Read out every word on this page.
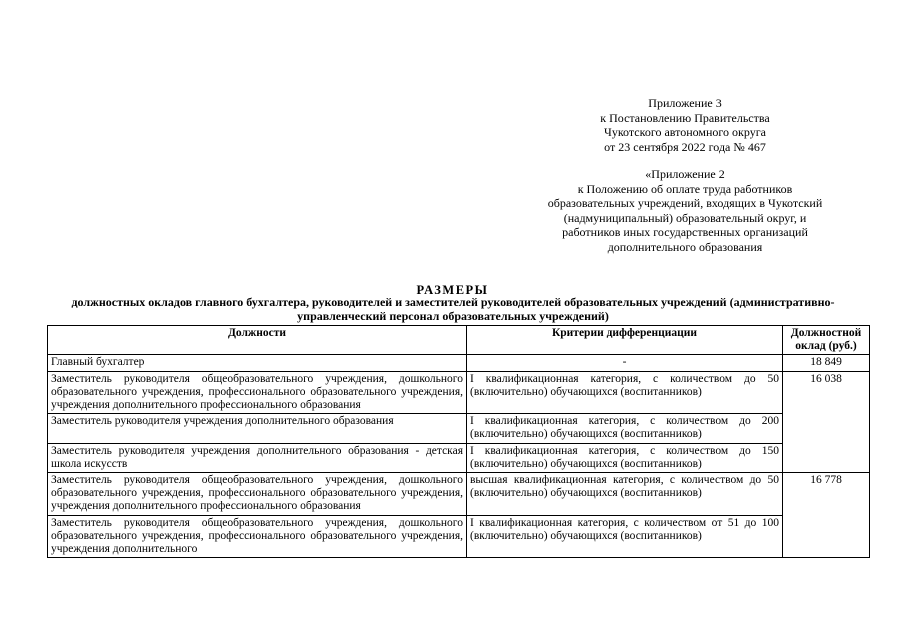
Приложение 3
к Постановлению Правительства
Чукотского автономного округа
от 23 сентября 2022 года № 467
«Приложение 2
к Положению об оплате труда работников
образовательных учреждений, входящих в Чукотский
(надмуниципальный) образовательный округ, и
работников иных государственных организаций
дополнительного образования
РАЗМЕРЫ
должностных окладов главного бухгалтера, руководителей и заместителей руководителей образовательных учреждений (административно-управленческий персонал образовательных учреждений)
Должности	Критерии дифференциации	Должностной оклад (руб.)
Главный бухгалтер	-	18 849
Заместитель руководителя общеобразовательного учреждения, дошкольного образовательного учреждения, профессионального образовательного учреждения, учреждения дополнительного профессионального образования	I квалификационная категория, с количеством до 50 (включительно) обучающихся (воспитанников)	16 038
Заместитель руководителя учреждения дополнительного образования	I квалификационная категория, с количеством до 200 (включительно) обучающихся (воспитанников)	
Заместитель руководителя учреждения дополнительного образования - детская школа искусств	I квалификационная категория, с количеством до 150 (включительно) обучающихся (воспитанников)	
Заместитель руководителя общеобразовательного учреждения, дошкольного образовательного учреждения, профессионального образовательного учреждения, учреждения дополнительного профессионального образования	высшая квалификационная категория, с количеством до 50 (включительно) обучающихся (воспитанников)	16 778
Заместитель руководителя общеобразовательного учреждения, дошкольного образовательного учреждения, профессионального образовательного учреждения, учреждения дополнительного	I квалификационная категория, с количеством от 51 до 100 (включительно) обучающихся (воспитанников)	
